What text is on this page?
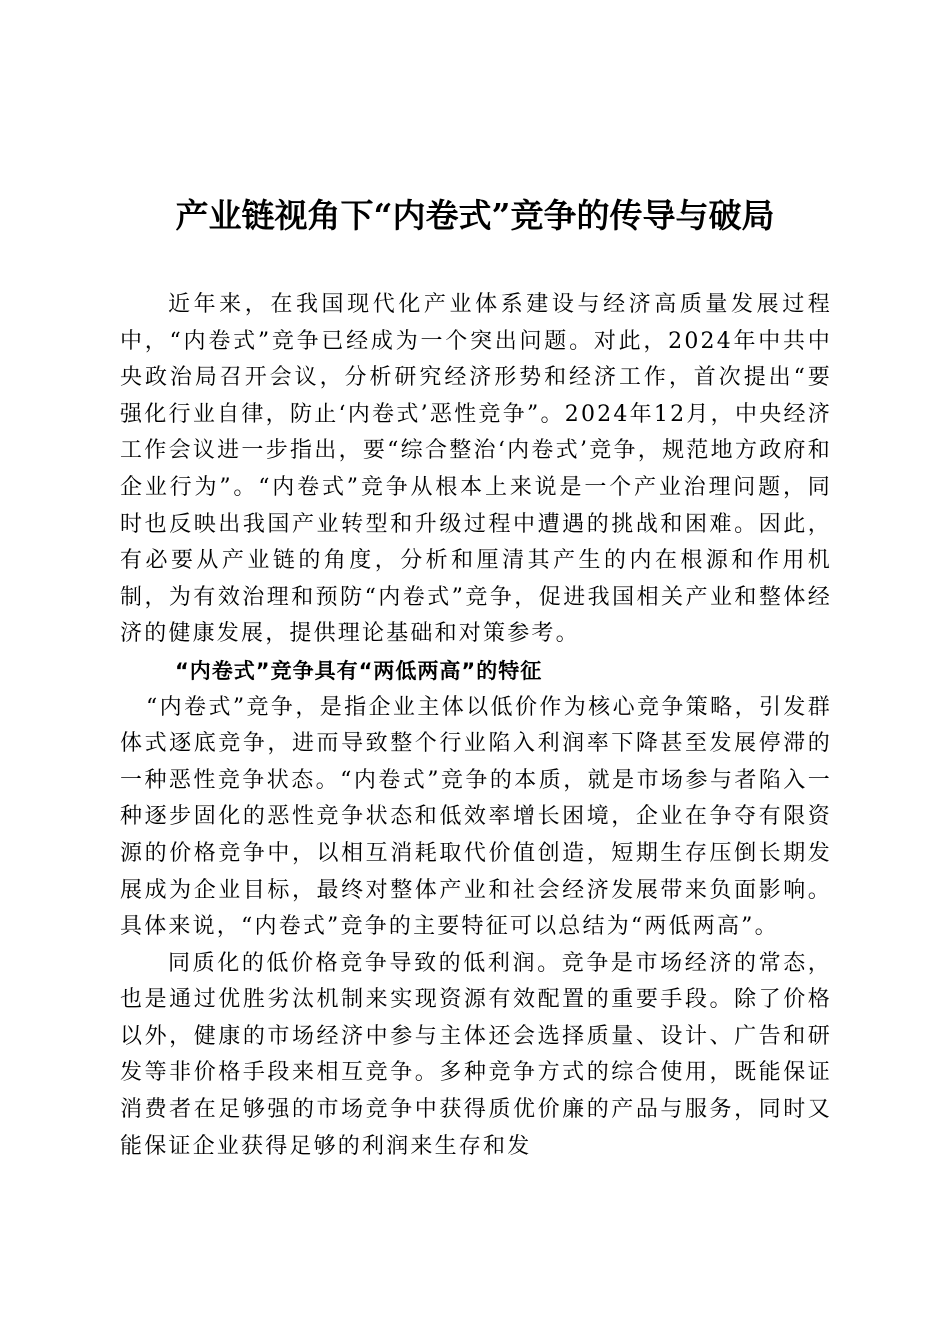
产业链视角下“内卷式”竞争的传导与破局

近年来，在我国现代化产业体系建设与经济高质量发展过程中，“内卷式”竞争已经成为一个突出问题。对此，2024年中共中央政治局召开会议，分析研究经济形势和经济工作，首次提出“要强化行业自律，防止‘内卷式’恶性竞争”。2024年12月，中央经济工作会议进一步指出，要“综合整治‘内卷式’竞争，规范地方政府和企业行为”。“内卷式”竞争从根本上来说是一个产业治理问题，同时也反映出我国产业转型和升级过程中遭遇的挑战和困难。因此，有必要从产业链的角度，分析和厘清其产生的内在根源和作用机制，为有效治理和预防“内卷式”竞争，促进我国相关产业和整体经济的健康发展，提供理论基础和对策参考。

“内卷式”竞争具有“两低两高”的特征

“内卷式”竞争，是指企业主体以低价作为核心竞争策略，引发群体式逐底竞争，进而导致整个行业陷入利润率下降甚至发展停滞的一种恶性竞争状态。“内卷式”竞争的本质，就是市场参与者陷入一种逐步固化的恶性竞争状态和低效率增长困境，企业在争夺有限资源的价格竞争中，以相互消耗取代价值创造，短期生存压倒长期发展成为企业目标，最终对整体产业和社会经济发展带来负面影响。具体来说，“内卷式”竞争的主要特征可以总结为“两低两高”。

同质化的低价格竞争导致的低利润。竞争是市场经济的常态，也是通过优胜劣汰机制来实现资源有效配置的重要手段。除了价格以外，健康的市场经济中参与主体还会选择质量、设计、广告和研发等非价格手段来相互竞争。多种竞争方式的综合使用，既能保证消费者在足够强的市场竞争中获得质优价廉的产品与服务，同时又能保证企业获得足够的利润来生存和发
